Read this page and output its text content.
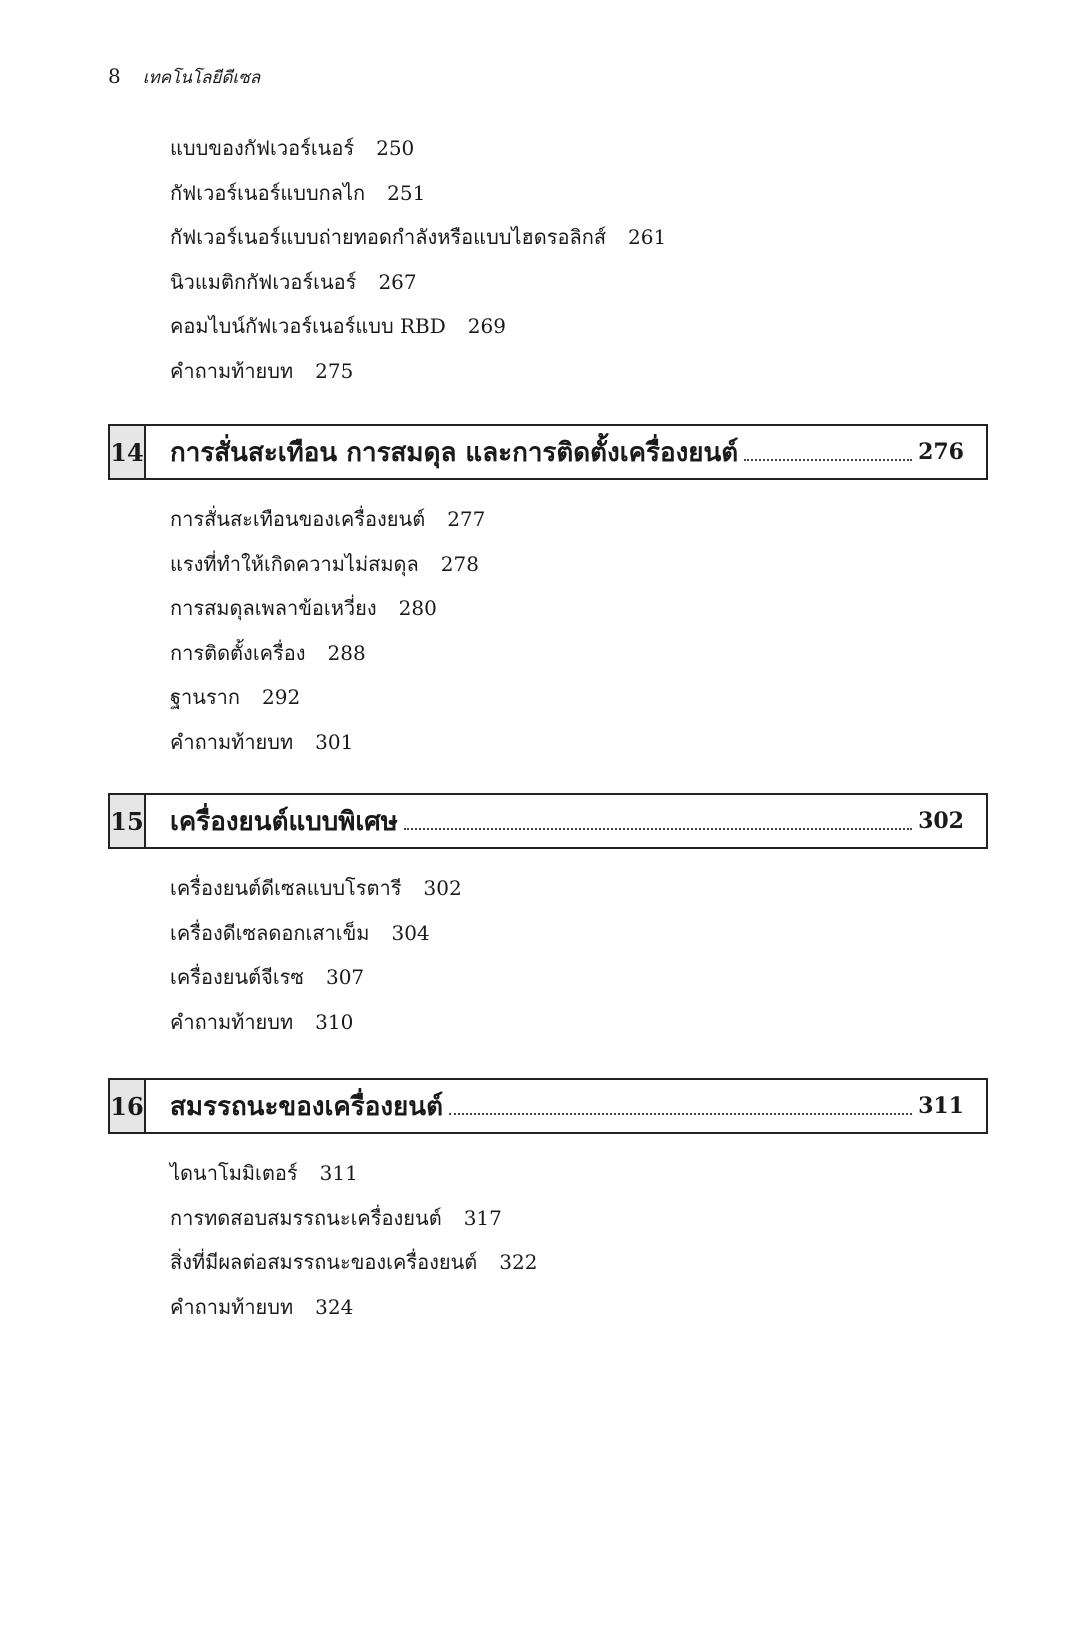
8 เทคโนโลยีดีเซล
แบบของกัฟเวอร์เนอร์ 250
กัฟเวอร์เนอร์แบบกลไก 251
กัฟเวอร์เนอร์แบบถ่ายทอดกำลังหรือแบบไฮดรอลิกส์ 261
นิวแมติกกัฟเวอร์เนอร์ 267
คอมไบน์กัฟเวอร์เนอร์แบบ RBD 269
คำถามท้ายบท 275
14 การสั่นสะเทือน การสมดุล และการติดตั้งเครื่องยนต์	276
การสั่นสะเทือนของเครื่องยนต์ 277
แรงที่ทำให้เกิดความไม่สมดุล 278
การสมดุลเพลาข้อเหวี่ยง 280
การติดตั้งเครื่อง 288
ฐานราก 292
คำถามท้ายบท 301
15 เครื่องยนต์แบบพิเศษ	302
เครื่องยนต์ดีเซลแบบโรตารี 302
เครื่องดีเซลดอกเสาเข็ม 304
เครื่องยนต์จีเรซ 307
คำถามท้ายบท 310
16 สมรรถนะของเครื่องยนต์	311
ไดนาโมมิเตอร์ 311
การทดสอบสมรรถนะเครื่องยนต์ 317
สิ่งที่มีผลต่อสมรรถนะของเครื่องยนต์ 322
คำถามท้ายบท 324
